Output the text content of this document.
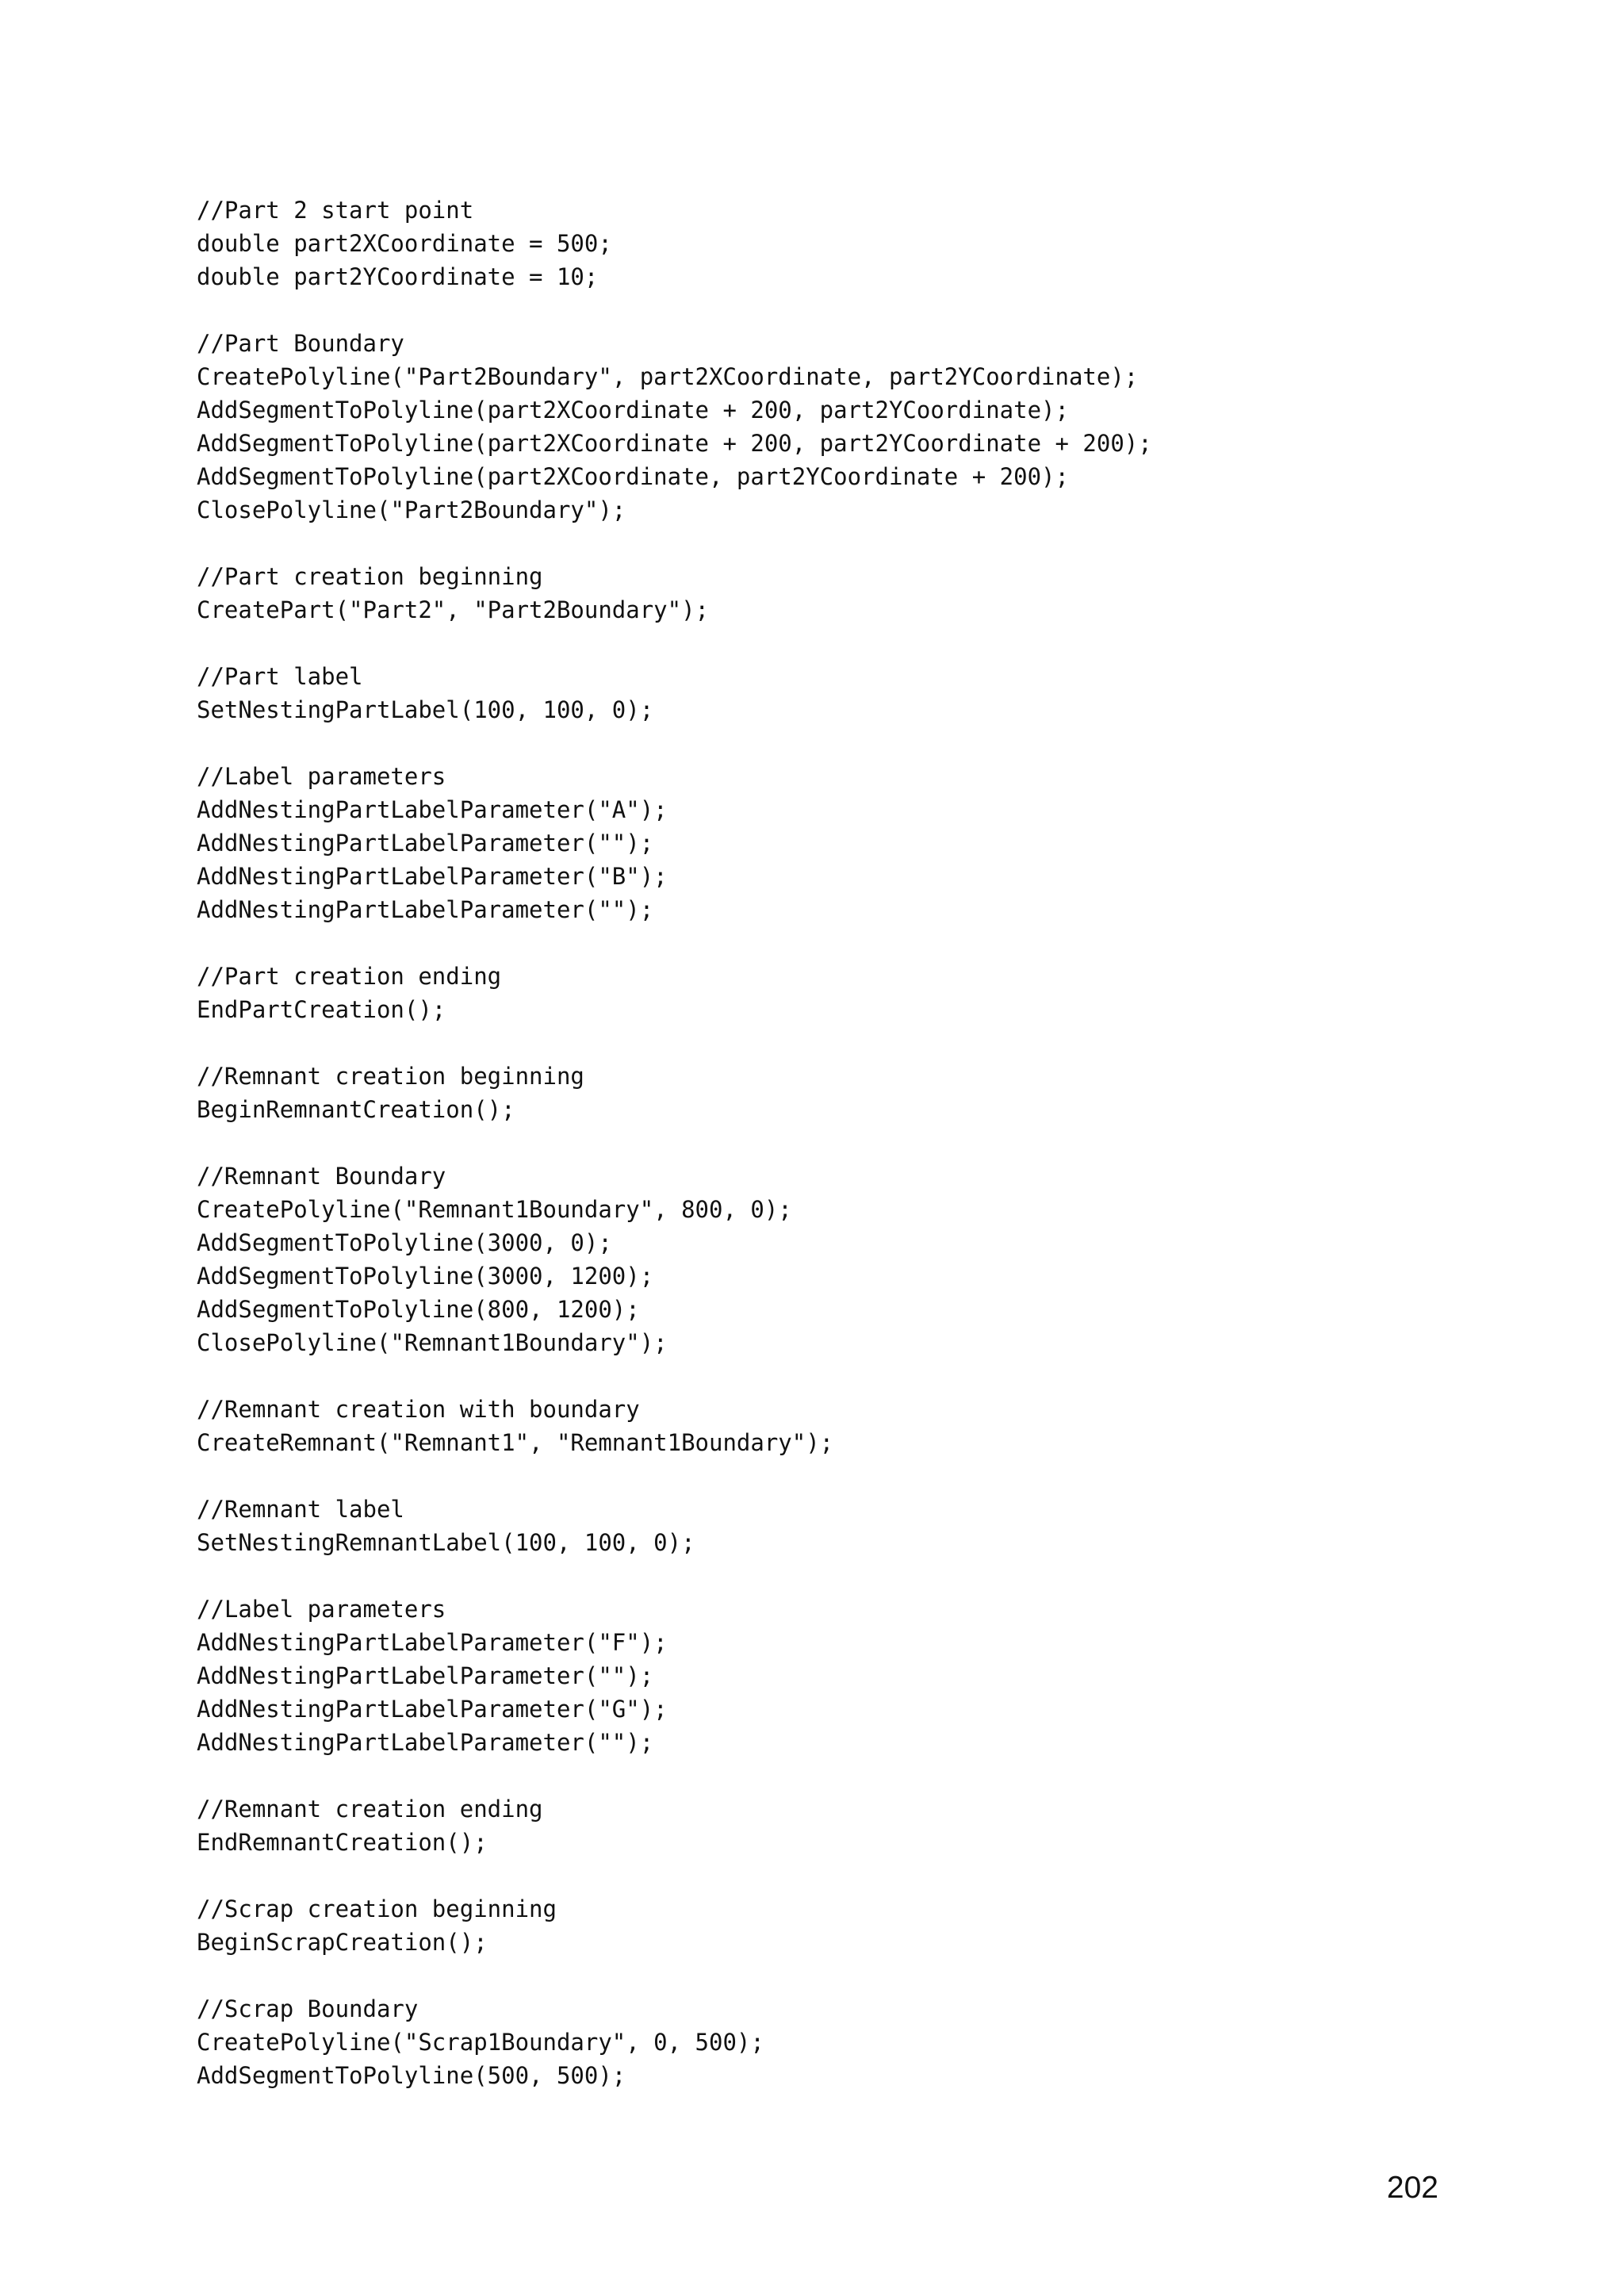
//Part 2 start point
double part2XCoordinate = 500;
double part2YCoordinate = 10;
//Part Boundary
CreatePolyline("Part2Boundary", part2XCoordinate, part2YCoordinate);
AddSegmentToPolyline(part2XCoordinate + 200, part2YCoordinate);
AddSegmentToPolyline(part2XCoordinate + 200, part2YCoordinate + 200);
AddSegmentToPolyline(part2XCoordinate, part2YCoordinate + 200);
ClosePolyline("Part2Boundary");
//Part creation beginning
CreatePart("Part2", "Part2Boundary");
//Part label
SetNestingPartLabel(100, 100, 0);
//Label parameters
AddNestingPartLabelParameter("A");
AddNestingPartLabelParameter("");
AddNestingPartLabelParameter("B");
AddNestingPartLabelParameter("");
//Part creation ending
EndPartCreation();
//Remnant creation beginning
BeginRemnantCreation();
//Remnant Boundary
CreatePolyline("Remnant1Boundary", 800, 0);
AddSegmentToPolyline(3000, 0);
AddSegmentToPolyline(3000, 1200);
AddSegmentToPolyline(800, 1200);
ClosePolyline("Remnant1Boundary");
//Remnant creation with boundary
CreateRemnant("Remnant1", "Remnant1Boundary");
//Remnant label
SetNestingRemnantLabel(100, 100, 0);
//Label parameters
AddNestingPartLabelParameter("F");
AddNestingPartLabelParameter("");
AddNestingPartLabelParameter("G");
AddNestingPartLabelParameter("");
//Remnant creation ending
EndRemnantCreation();
//Scrap creation beginning
BeginScrapCreation();
//Scrap Boundary
CreatePolyline("Scrap1Boundary", 0, 500);
AddSegmentToPolyline(500, 500);
202
